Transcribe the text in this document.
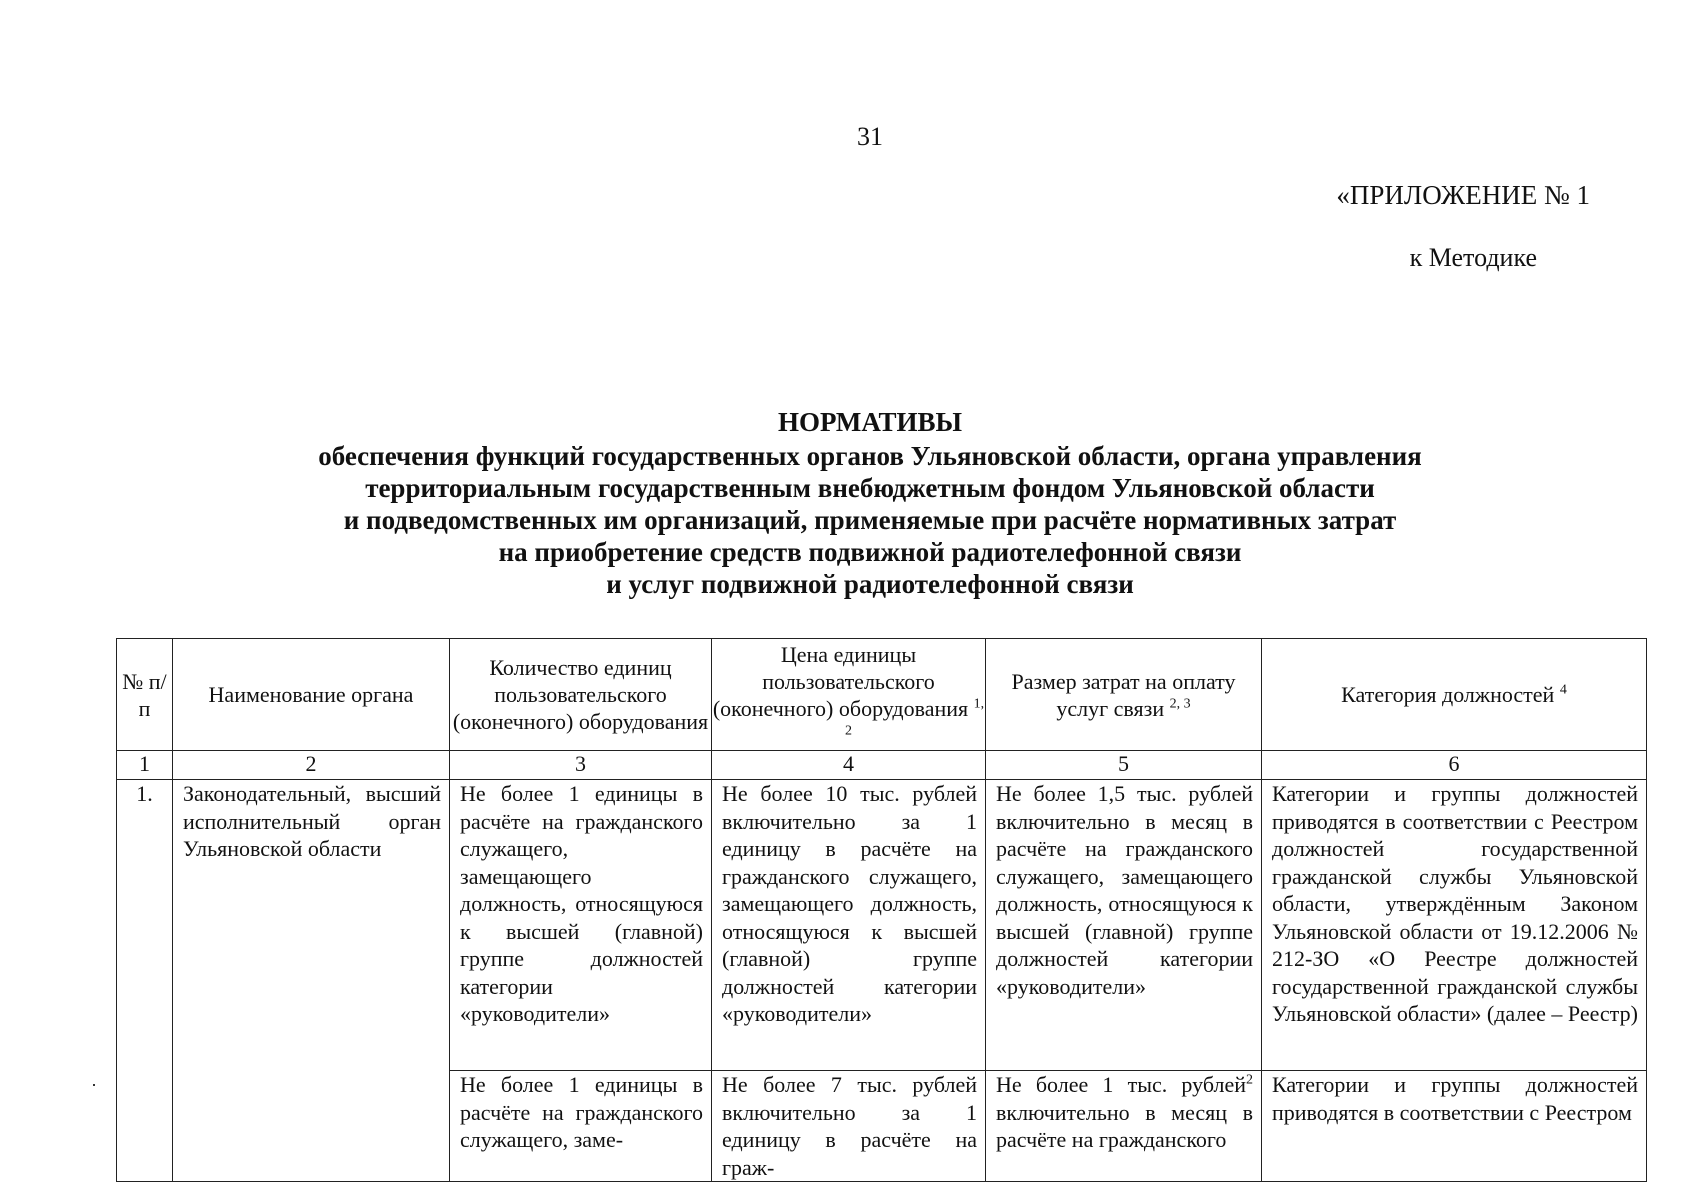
31
«ПРИЛОЖЕНИЕ № 1
к Методике
НОРМАТИВЫ
обеспечения функций государственных органов Ульяновской области, органа управления
территориальным государственным внебюджетным фондом Ульяновской области
и подведомственных им организаций, применяемые при расчёте нормативных затрат
на приобретение средств подвижной радиотелефонной связи
и услуг подвижной радиотелефонной связи
№ п/п	Наименование органа	Количество единиц пользовательского (оконечного) оборудования	Цена единицы пользовательского (оконечного) оборудования $^{1, 2}$	Размер затрат на оплату услуг связи $^{2, 3}$	Категория должностей $^4$
1	2	3	4	5	6
1.	Законодательный, высший исполнительный орган Ульяновской области	Не более 1 единицы в расчёте на гражданского служащего, замещающего должность, относящуюся к высшей (главной) группе должностей категории «руководители»	Не более 10 тыс. рублей включительно за 1 единицу в расчёте на гражданского служащего, замещающего должность, относящуюся к высшей (главной) группе должностей категории «руководители»	Не более 1,5 тыс. рублей включительно в месяц в расчёте на гражданского служащего, замещающего должность, относящуюся к высшей (главной) группе должностей категории «руководители»	Категории и группы должностей приводятся в соответствии с Реестром должностей государственной гражданской службы Ульяновской области, утверждённым Законом Ульяновской области от 19.12.2006 № 212-ЗО «О Реестре должностей государственной гражданской службы Ульяновской области» (далее – Реестр)
		Не более 1 единицы в расчёте на гражданского служащего, заме-	Не более 7 тыс. рублей включительно за 1 единицу в расчёте на граж-	Не более 1 тыс. рублей$^2$ включительно в месяц в расчёте на гражданского	Категории и группы должностей приводятся в соответствии с Реестром
